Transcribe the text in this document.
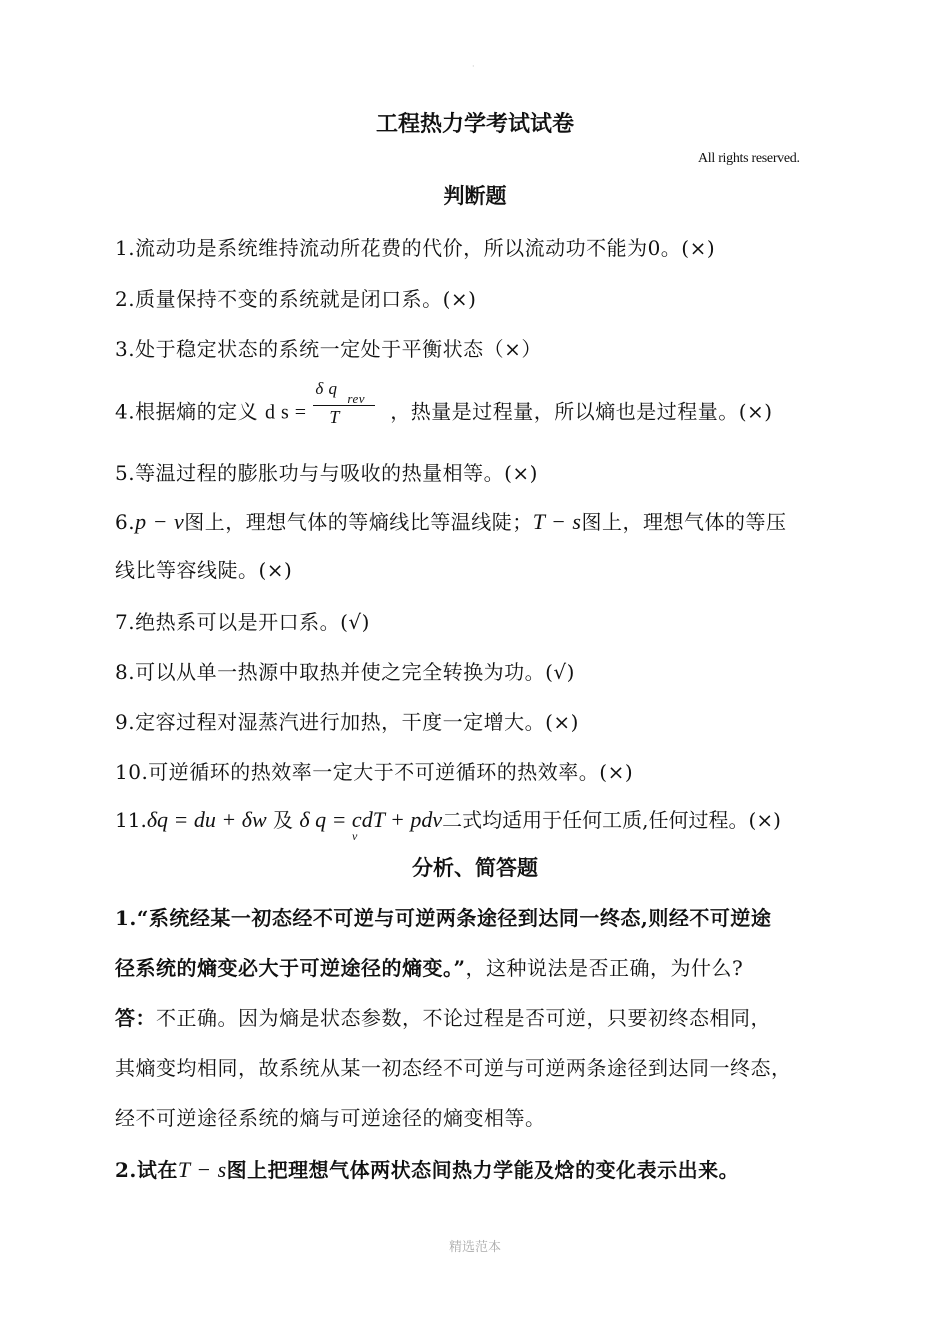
·
工程热力学考试试卷
All rights reserved.
判断题
1.流动功是系统维持流动所花费的代价，所以流动功不能为0。(×)
2.质量保持不变的系统就是闭口系。(×)
3.处于稳定状态的系统一定处于平衡状态（×）
4.根据熵的定义 d s =
δ q
T
rev
，热量是过程量，所以熵也是过程量。(×)
5.等温过程的膨胀功与与吸收的热量相等。(×)
6.p − v图上，理想气体的等熵线比等温线陡；T − s图上，理想气体的等压
线比等容线陡。(×)
7.绝热系可以是开口系。(√)
8.可以从单一热源中取热并使之完全转换为功。(√)
9.定容过程对湿蒸汽进行加热，干度一定增大。(×)
10.可逆循环的热效率一定大于不可逆循环的热效率。(×)
11.δq = du + δw 及 δ q = cdT + pdv二式均适用于任何工质,任何过程。(×)
v
分析、简答题
1.“系统经某一初态经不可逆与可逆两条途径到达同一终态,则经不可逆途
径系统的熵变必大于可逆途径的熵变。”，这种说法是否正确，为什么?
答：不正确。因为熵是状态参数，不论过程是否可逆，只要初终态相同，
其熵变均相同，故系统从某一初态经不可逆与可逆两条途径到达同一终态，
经不可逆途径系统的熵与可逆途径的熵变相等。
2.试在T − s图上把理想气体两状态间热力学能及焓的变化表示出来。
精选范本
